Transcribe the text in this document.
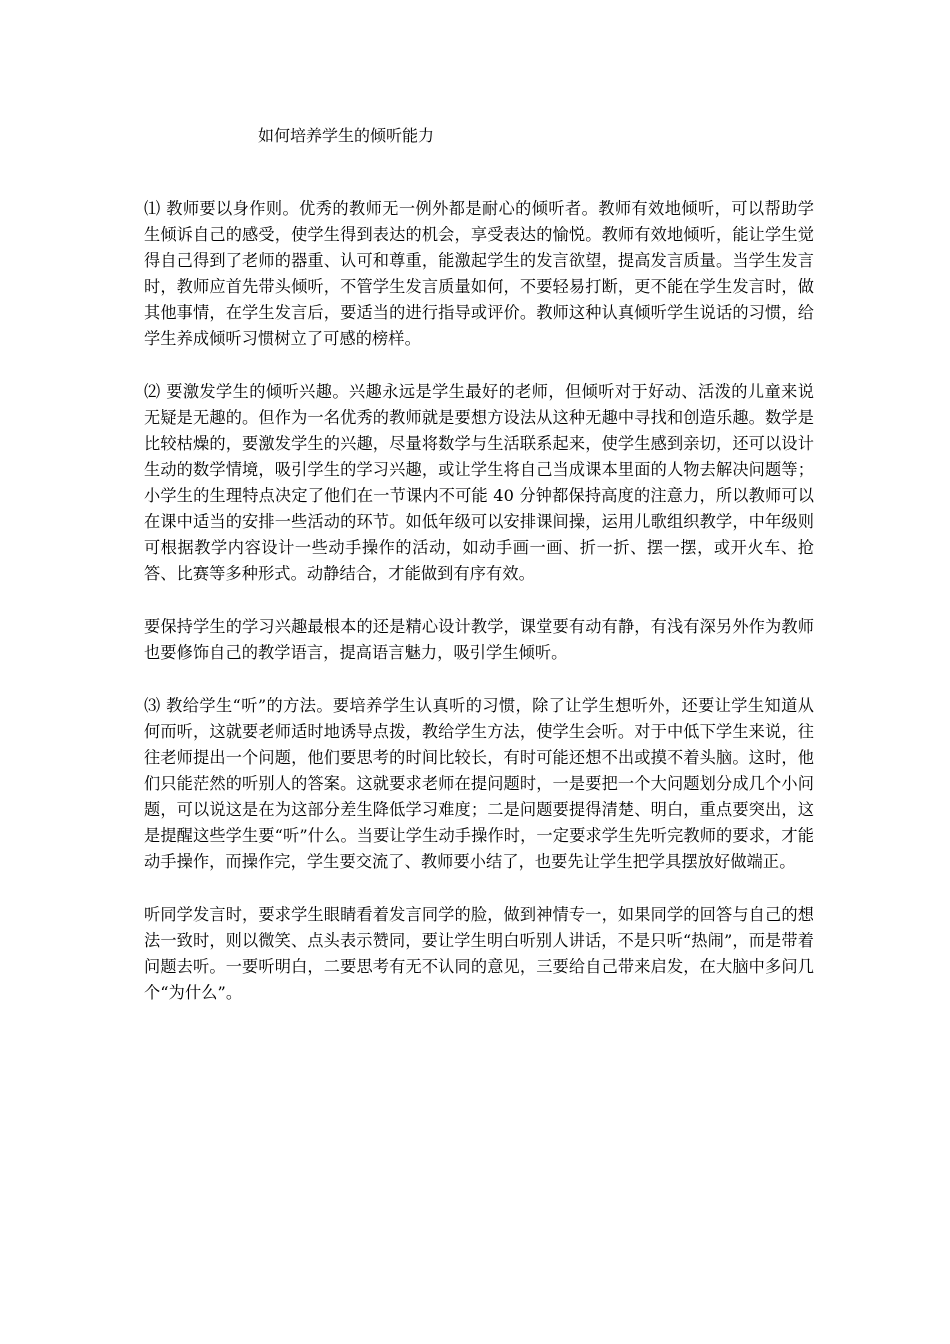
如何培养学生的倾听能力

⑴ 教师要以身作则。优秀的教师无一例外都是耐心的倾听者。教师有效地倾听，可以帮助学生倾诉自己的感受，使学生得到表达的机会，享受表达的愉悦。教师有效地倾听，能让学生觉得自己得到了老师的器重、认可和尊重，能激起学生的发言欲望，提高发言质量。当学生发言时，教师应首先带头倾听，不管学生发言质量如何，不要轻易打断，更不能在学生发言时，做其他事情，在学生发言后，要适当的进行指导或评价。教师这种认真倾听学生说话的习惯，给学生养成倾听习惯树立了可感的榜样。

⑵ 要激发学生的倾听兴趣。兴趣永远是学生最好的老师，但倾听对于好动、活泼的儿童来说无疑是无趣的。但作为一名优秀的教师就是要想方设法从这种无趣中寻找和创造乐趣。数学是比较枯燥的，要激发学生的兴趣，尽量将数学与生活联系起来，使学生感到亲切，还可以设计生动的数学情境，吸引学生的学习兴趣，或让学生将自己当成课本里面的人物去解决问题等；小学生的生理特点决定了他们在一节课内不可能 40 分钟都保持高度的注意力，所以教师可以在课中适当的安排一些活动的环节。如低年级可以安排课间操，运用儿歌组织教学，中年级则可根据教学内容设计一些动手操作的活动，如动手画一画、折一折、摆一摆，或开火车、抢答、比赛等多种形式。动静结合，才能做到有序有效。

要保持学生的学习兴趣最根本的还是精心设计教学，课堂要有动有静，有浅有深另外作为教师也要修饰自己的教学语言，提高语言魅力，吸引学生倾听。

⑶ 教给学生“听”的方法。要培养学生认真听的习惯，除了让学生想听外，还要让学生知道从何而听，这就要老师适时地诱导点拨，教给学生方法，使学生会听。对于中低下学生来说，往往老师提出一个问题，他们要思考的时间比较长，有时可能还想不出或摸不着头脑。这时，他们只能茫然的听别人的答案。这就要求老师在提问题时，一是要把一个大问题划分成几个小问题，可以说这是在为这部分差生降低学习难度；二是问题要提得清楚、明白，重点要突出，这是提醒这些学生要“听”什么。当要让学生动手操作时，一定要求学生先听完教师的要求，才能动手操作，而操作完，学生要交流了、教师要小结了，也要先让学生把学具摆放好做端正。

听同学发言时，要求学生眼睛看着发言同学的脸，做到神情专一，如果同学的回答与自己的想法一致时，则以微笑、点头表示赞同，要让学生明白听别人讲话，不是只听“热闹”，而是带着问题去听。一要听明白，二要思考有无不认同的意见，三要给自己带来启发，在大脑中多问几个“为什么”。
